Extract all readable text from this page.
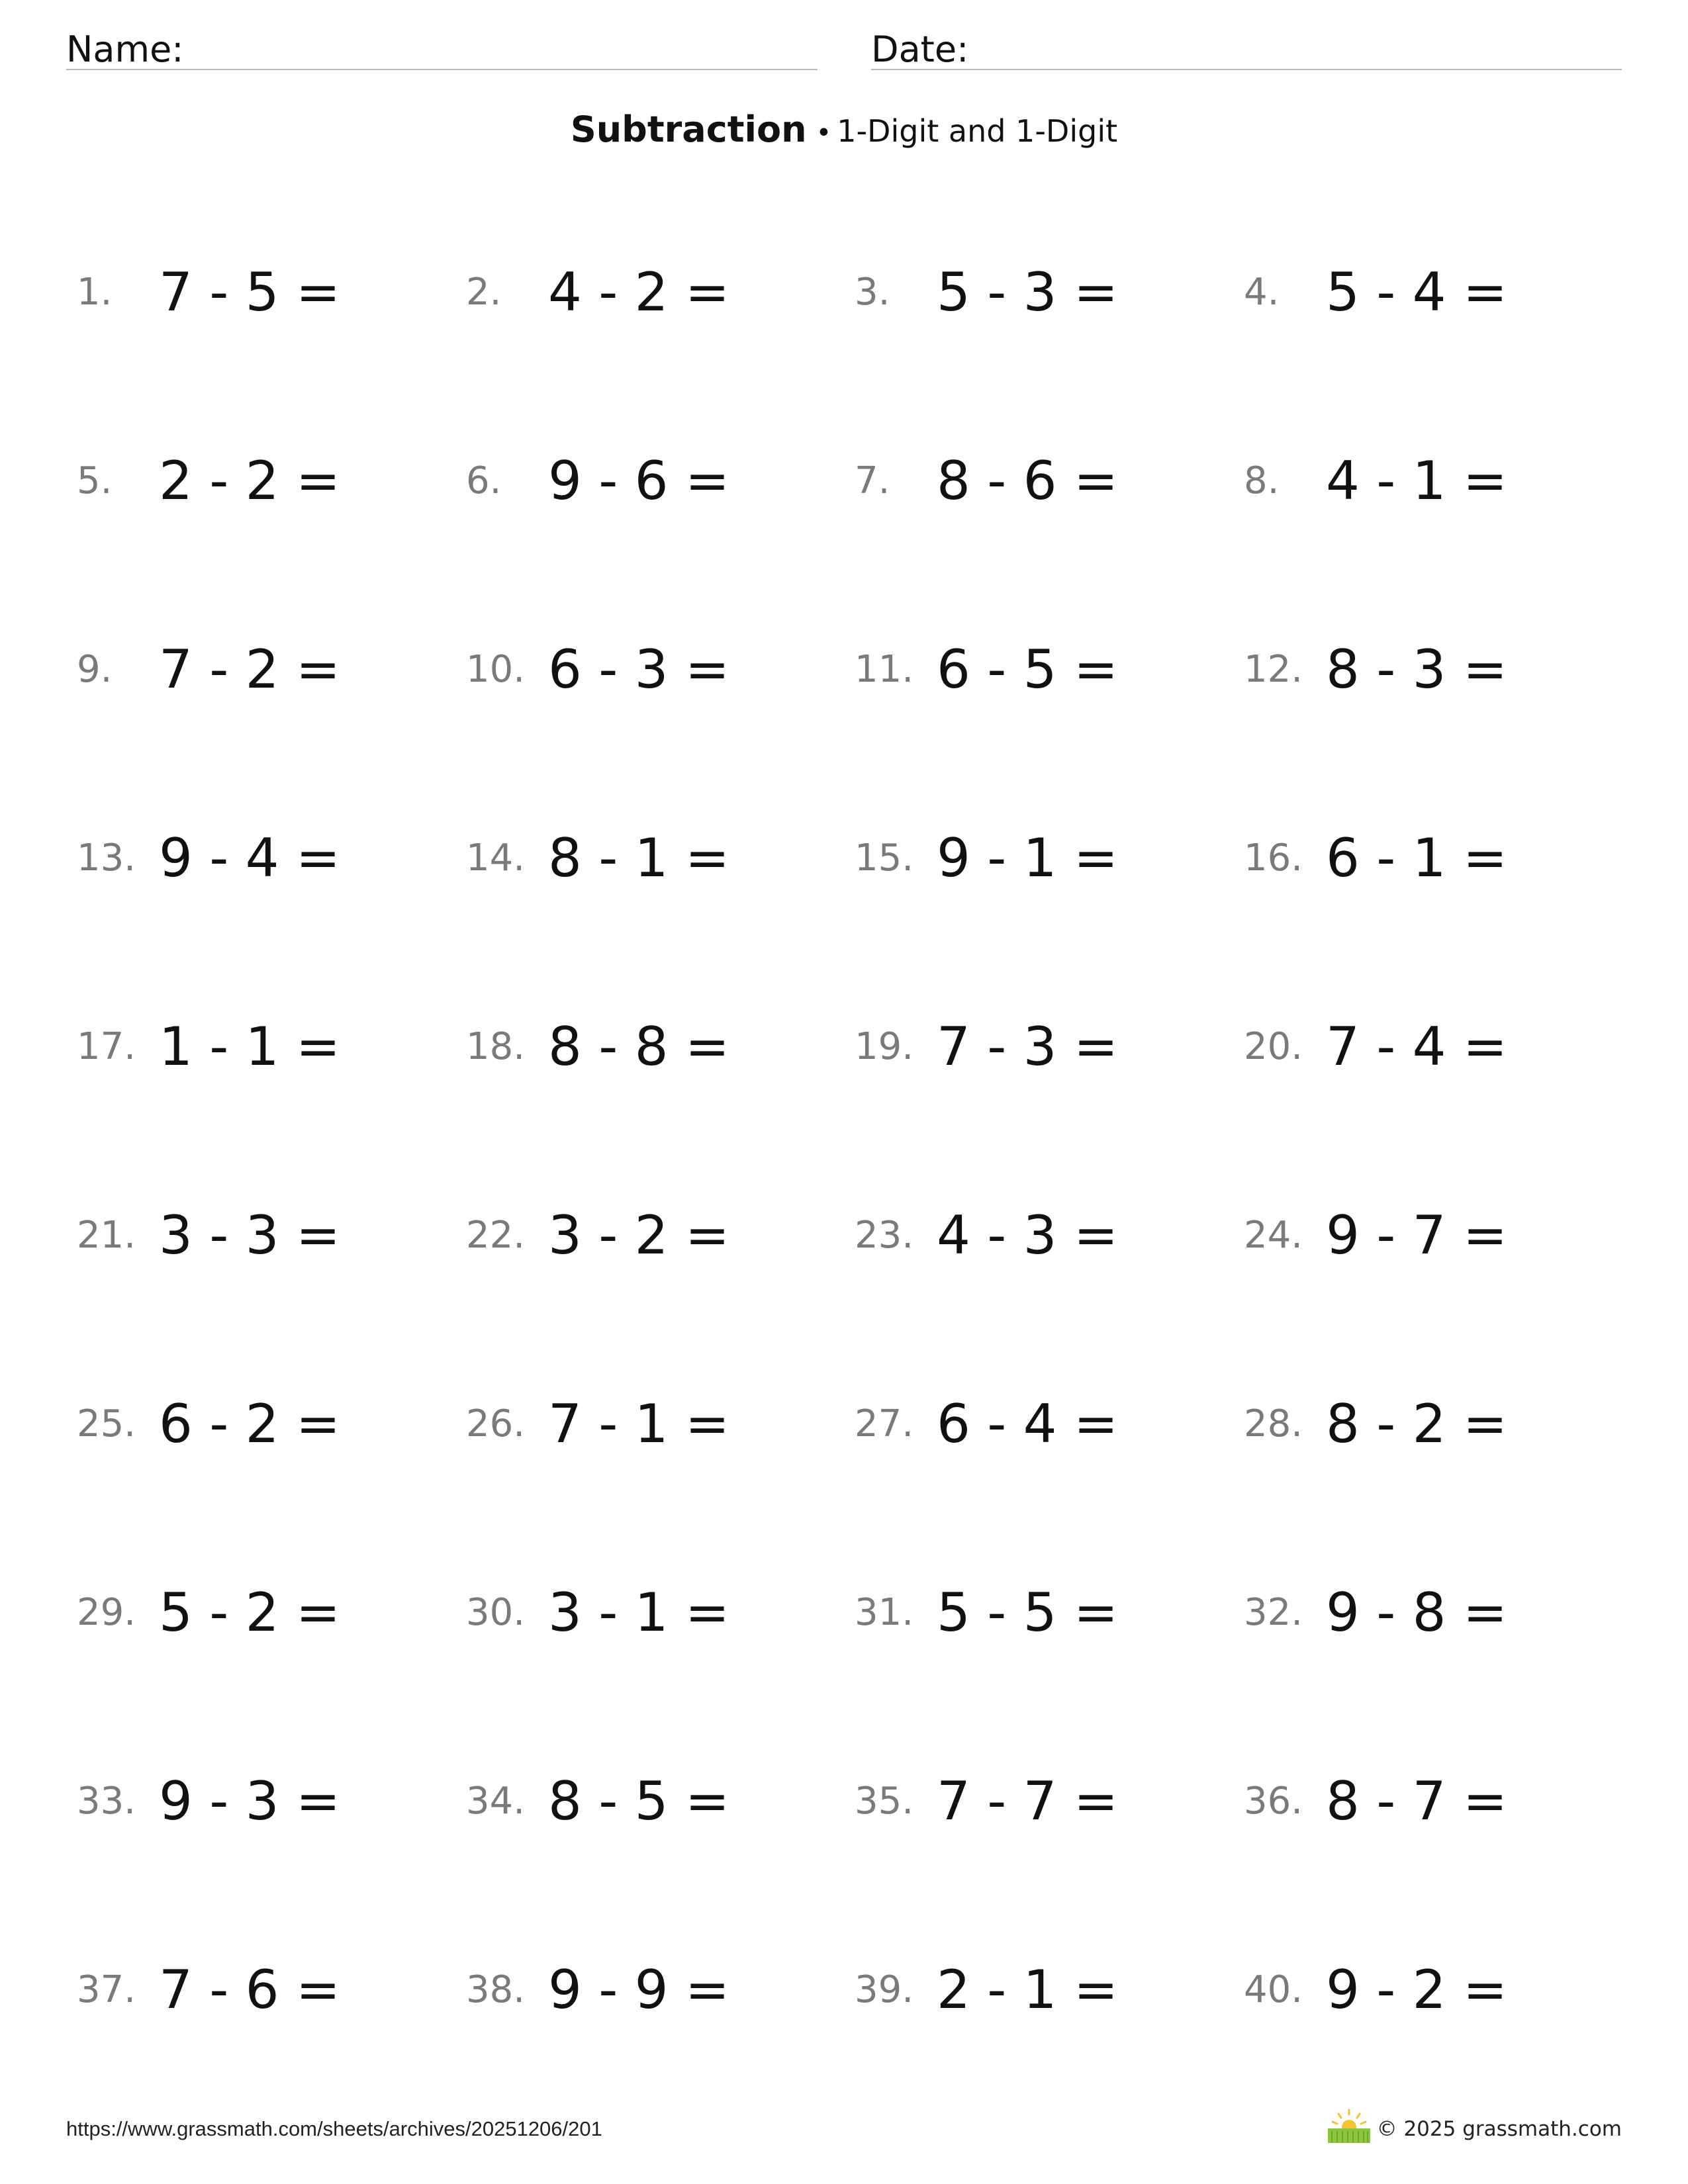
Name:	Date:
Subtraction • 1-Digit and 1-Digit
1. 7 - 5 =	2. 4 - 2 =	3. 5 - 3 =	4. 5 - 4 =
5. 2 - 2 =	6. 9 - 6 =	7. 8 - 6 =	8. 4 - 1 =
9. 7 - 2 =	10. 6 - 3 =	11. 6 - 5 =	12. 8 - 3 =
13. 9 - 4 =	14. 8 - 1 =	15. 9 - 1 =	16. 6 - 1 =
17. 1 - 1 =	18. 8 - 8 =	19. 7 - 3 =	20. 7 - 4 =
21. 3 - 3 =	22. 3 - 2 =	23. 4 - 3 =	24. 9 - 7 =
25. 6 - 2 =	26. 7 - 1 =	27. 6 - 4 =	28. 8 - 2 =
29. 5 - 2 =	30. 3 - 1 =	31. 5 - 5 =	32. 9 - 8 =
33. 9 - 3 =	34. 8 - 5 =	35. 7 - 7 =	36. 8 - 7 =
37. 7 - 6 =	38. 9 - 9 =	39. 2 - 1 =	40. 9 - 2 =
https://www.grassmath.com/sheets/archives/20251206/201	© 2025 grassmath.com
